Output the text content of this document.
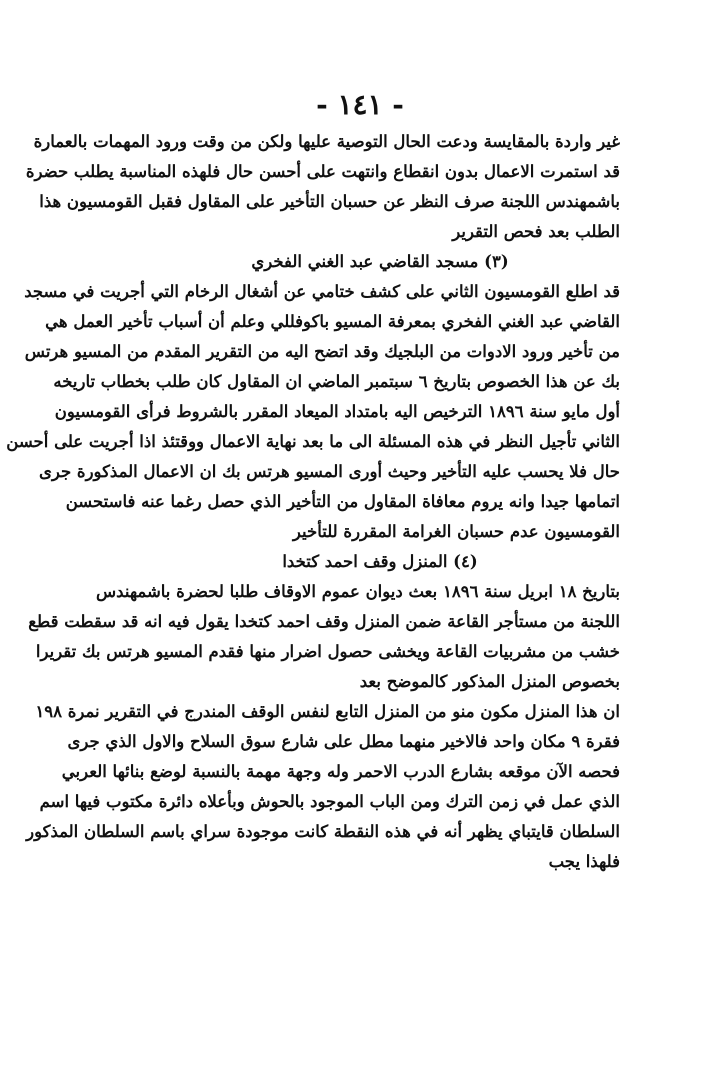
- ١٤١ -
غير واردة بالمقايسة ودعت الحال التوصية عليها ولكن من وقت ورود المهمات بالعمارة
قد استمرت الاعمال بدون انقطاع وانتهت على أحسن حال فلهذه المناسبة يطلب حضرة
باشمهندس اللجنة صرف النظر عن حسبان التأخير على المقاول فقبل القومسيون هذا
الطلب بعد فحص التقرير
(٣) مسجد القاضي عبد الغني الفخري
قد اطلع القومسيون الثاني على كشف ختامي عن أشغال الرخام التي أجريت في مسجد
القاضي عبد الغني الفخري بمعرفة المسيو باكوفللي وعلم أن أسباب تأخير العمل هي
من تأخير ورود الادوات من البلجيك وقد اتضح اليه من التقرير المقدم من المسيو هرتس
بك عن هذا الخصوص بتاريخ ٦ سبتمبر الماضي ان المقاول كان طلب بخطاب تاريخه
أول مايو سنة ١٨٩٦ الترخيص اليه بامتداد الميعاد المقرر بالشروط فرأى القومسيون
الثاني تأجيل النظر في هذه المسئلة الى ما بعد نهاية الاعمال ووقتئذ اذا أجريت على أحسن
حال فلا يحسب عليه التأخير وحيث أورى المسيو هرتس بك ان الاعمال المذكورة جرى
اتمامها جيدا وانه يروم معافاة المقاول من التأخير الذي حصل رغما عنه فاستحسن
القومسيون عدم حسبان الغرامة المقررة للتأخير
(٤) المنزل وقف احمد كتخدا
بتاريخ ١٨ ابريل سنة ١٨٩٦ بعث ديوان عموم الاوقاف طلبا لحضرة باشمهندس
اللجنة من مستأجر القاعة ضمن المنزل وقف احمد كتخدا يقول فيه انه قد سقطت قطع
خشب من مشربيات القاعة ويخشى حصول اضرار منها فقدم المسيو هرتس بك تقريرا
بخصوص المنزل المذكور كالموضح بعد
ان هذا المنزل مكون منو من المنزل التابع لنفس الوقف المندرج في التقرير نمرة ١٩٨
فقرة ٩ مكان واحد فالاخير منهما مطل على شارع سوق السلاح والاول الذي جرى
فحصه الآن موقعه بشارع الدرب الاحمر وله وجهة مهمة بالنسبة لوضع بنائها العربي
الذي عمل في زمن الترك ومن الباب الموجود بالحوش وبأعلاه دائرة مكتوب فيها اسم
السلطان قايتباي يظهر أنه في هذه النقطة كانت موجودة سراي باسم السلطان المذكور
فلهذا يجب
